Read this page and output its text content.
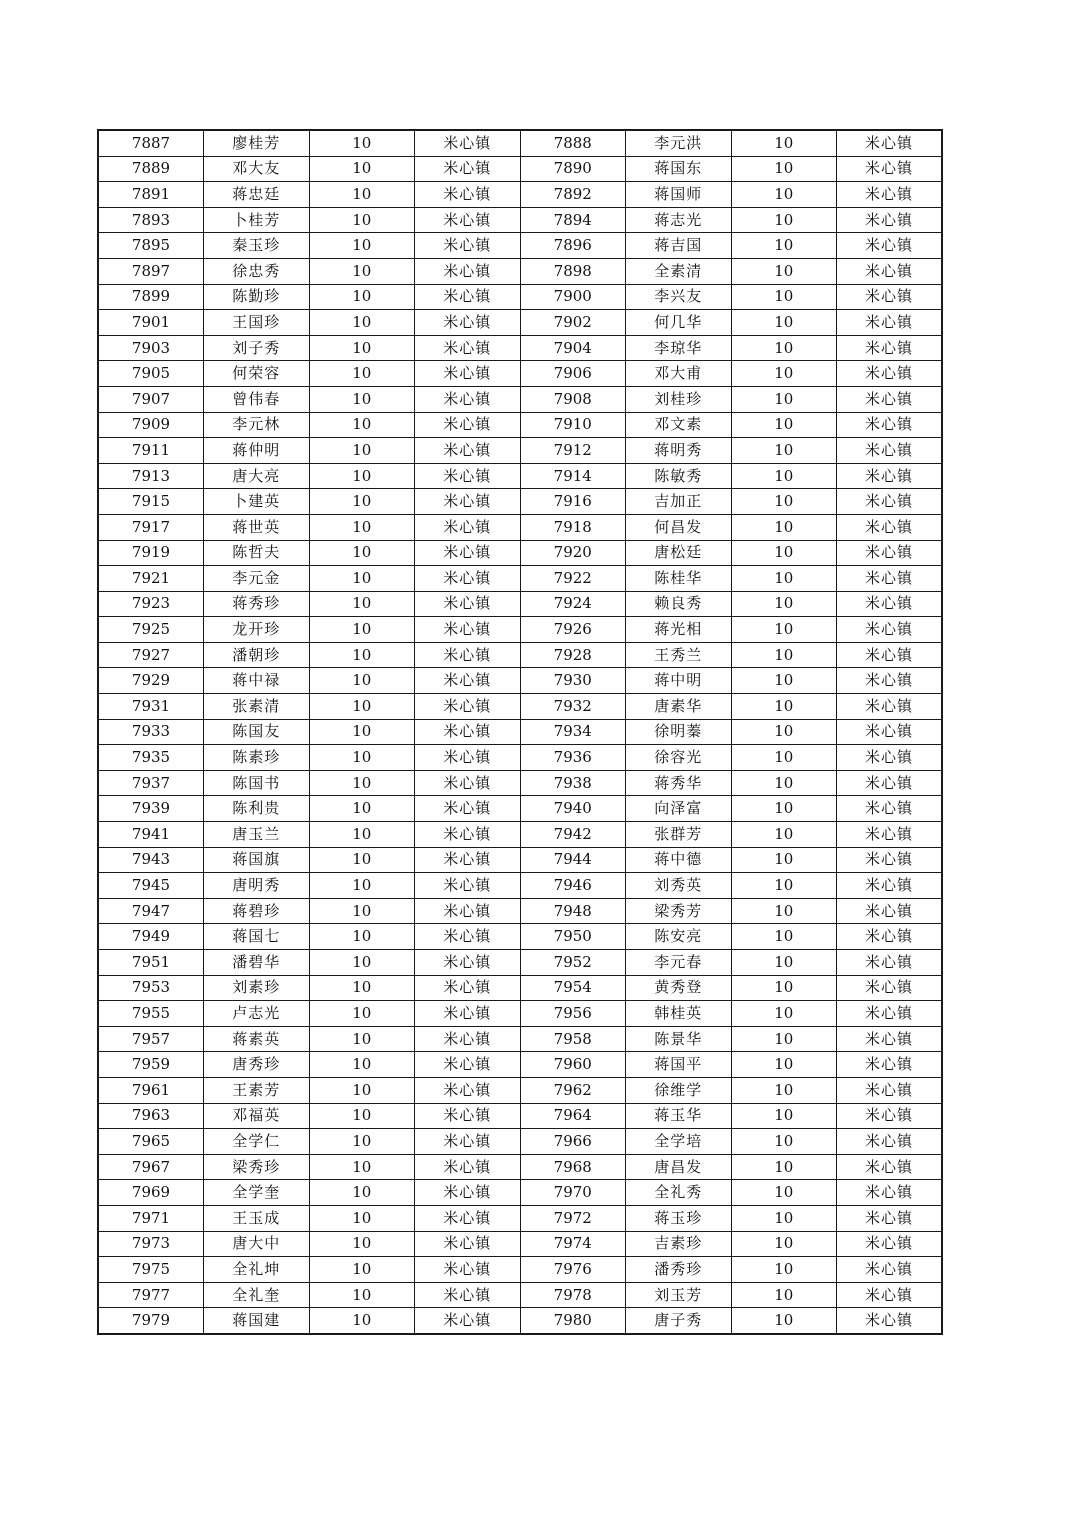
7887	廖桂芳	10	米心镇	7888	李元洪	10	米心镇
7889	邓大友	10	米心镇	7890	蒋国东	10	米心镇
7891	蒋忠廷	10	米心镇	7892	蒋国师	10	米心镇
7893	卜桂芳	10	米心镇	7894	蒋志光	10	米心镇
7895	秦玉珍	10	米心镇	7896	蒋吉国	10	米心镇
7897	徐忠秀	10	米心镇	7898	全素清	10	米心镇
7899	陈勤珍	10	米心镇	7900	李兴友	10	米心镇
7901	王国珍	10	米心镇	7902	何几华	10	米心镇
7903	刘子秀	10	米心镇	7904	李琼华	10	米心镇
7905	何荣容	10	米心镇	7906	邓大甫	10	米心镇
7907	曾伟春	10	米心镇	7908	刘桂珍	10	米心镇
7909	李元林	10	米心镇	7910	邓文素	10	米心镇
7911	蒋仲明	10	米心镇	7912	蒋明秀	10	米心镇
7913	唐大亮	10	米心镇	7914	陈敏秀	10	米心镇
7915	卜建英	10	米心镇	7916	吉加正	10	米心镇
7917	蒋世英	10	米心镇	7918	何昌发	10	米心镇
7919	陈哲夫	10	米心镇	7920	唐松廷	10	米心镇
7921	李元金	10	米心镇	7922	陈桂华	10	米心镇
7923	蒋秀珍	10	米心镇	7924	赖良秀	10	米心镇
7925	龙开珍	10	米心镇	7926	蒋光相	10	米心镇
7927	潘朝珍	10	米心镇	7928	王秀兰	10	米心镇
7929	蒋中禄	10	米心镇	7930	蒋中明	10	米心镇
7931	张素清	10	米心镇	7932	唐素华	10	米心镇
7933	陈国友	10	米心镇	7934	徐明蓁	10	米心镇
7935	陈素珍	10	米心镇	7936	徐容光	10	米心镇
7937	陈国书	10	米心镇	7938	蒋秀华	10	米心镇
7939	陈利贵	10	米心镇	7940	向泽富	10	米心镇
7941	唐玉兰	10	米心镇	7942	张群芳	10	米心镇
7943	蒋国旗	10	米心镇	7944	蒋中德	10	米心镇
7945	唐明秀	10	米心镇	7946	刘秀英	10	米心镇
7947	蒋碧珍	10	米心镇	7948	梁秀芳	10	米心镇
7949	蒋国七	10	米心镇	7950	陈安亮	10	米心镇
7951	潘碧华	10	米心镇	7952	李元春	10	米心镇
7953	刘素珍	10	米心镇	7954	黄秀登	10	米心镇
7955	卢志光	10	米心镇	7956	韩桂英	10	米心镇
7957	蒋素英	10	米心镇	7958	陈景华	10	米心镇
7959	唐秀珍	10	米心镇	7960	蒋国平	10	米心镇
7961	王素芳	10	米心镇	7962	徐维学	10	米心镇
7963	邓福英	10	米心镇	7964	蒋玉华	10	米心镇
7965	全学仁	10	米心镇	7966	全学培	10	米心镇
7967	梁秀珍	10	米心镇	7968	唐昌发	10	米心镇
7969	全学奎	10	米心镇	7970	全礼秀	10	米心镇
7971	王玉成	10	米心镇	7972	蒋玉珍	10	米心镇
7973	唐大中	10	米心镇	7974	吉素珍	10	米心镇
7975	全礼坤	10	米心镇	7976	潘秀珍	10	米心镇
7977	全礼奎	10	米心镇	7978	刘玉芳	10	米心镇
7979	蒋国建	10	米心镇	7980	唐子秀	10	米心镇
